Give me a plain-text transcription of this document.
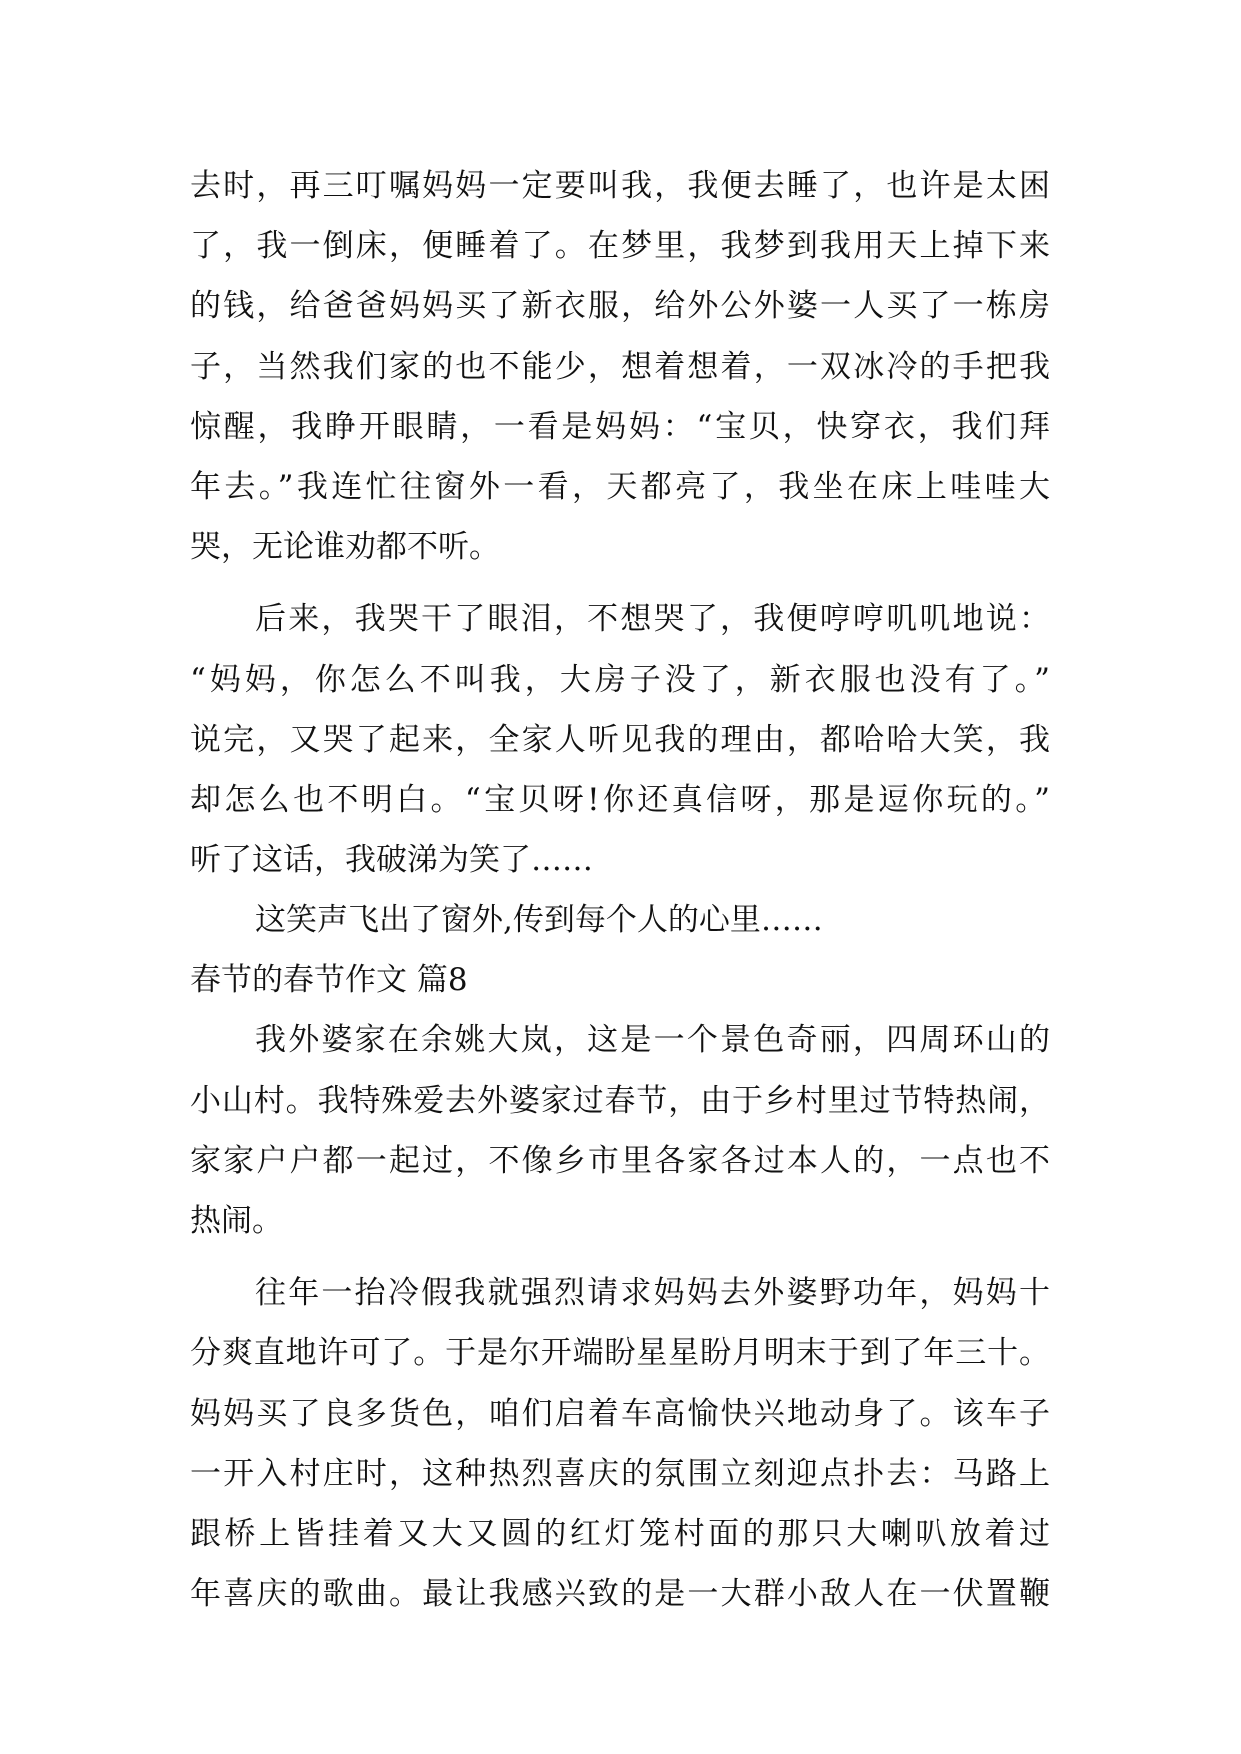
去时，再三叮嘱妈妈一定要叫我，我便去睡了，也许是太困
了，我一倒床，便睡着了。在梦里，我梦到我用天上掉下来
的钱，给爸爸妈妈买了新衣服，给外公外婆一人买了一栋房
子，当然我们家的也不能少，想着想着，一双冰冷的手把我
惊醒，我睁开眼睛，一看是妈妈：“宝贝，快穿衣，我们拜
年去。”我连忙往窗外一看，天都亮了，我坐在床上哇哇大
哭，无论谁劝都不听。
后来，我哭干了眼泪，不想哭了，我便哼哼叽叽地说：
“妈妈，你怎么不叫我，大房子没了，新衣服也没有了。”
说完，又哭了起来，全家人听见我的理由，都哈哈大笑，我
却怎么也不明白。“宝贝呀!你还真信呀，那是逗你玩的。”
听了这话，我破涕为笑了……
这笑声飞出了窗外,传到每个人的心里……
春节的春节作文 篇8
我外婆家在余姚大岚，这是一个景色奇丽，四周环山的
小山村。我特殊爱去外婆家过春节，由于乡村里过节特热闹，
家家户户都一起过，不像乡市里各家各过本人的，一点也不
热闹。
往年一抬冷假我就强烈请求妈妈去外婆野功年，妈妈十
分爽直地许可了。于是尔开端盼星星盼月明末于到了年三十。
妈妈买了良多货色，咱们启着车高愉快兴地动身了。该车子
一开入村庄时，这种热烈喜庆的氛围立刻迎点扑去：马路上
跟桥上皆挂着又大又圆的红灯笼村面的那只大喇叭放着过
年喜庆的歌曲。最让我感兴致的是一大群小敌人在一伏置鞭
